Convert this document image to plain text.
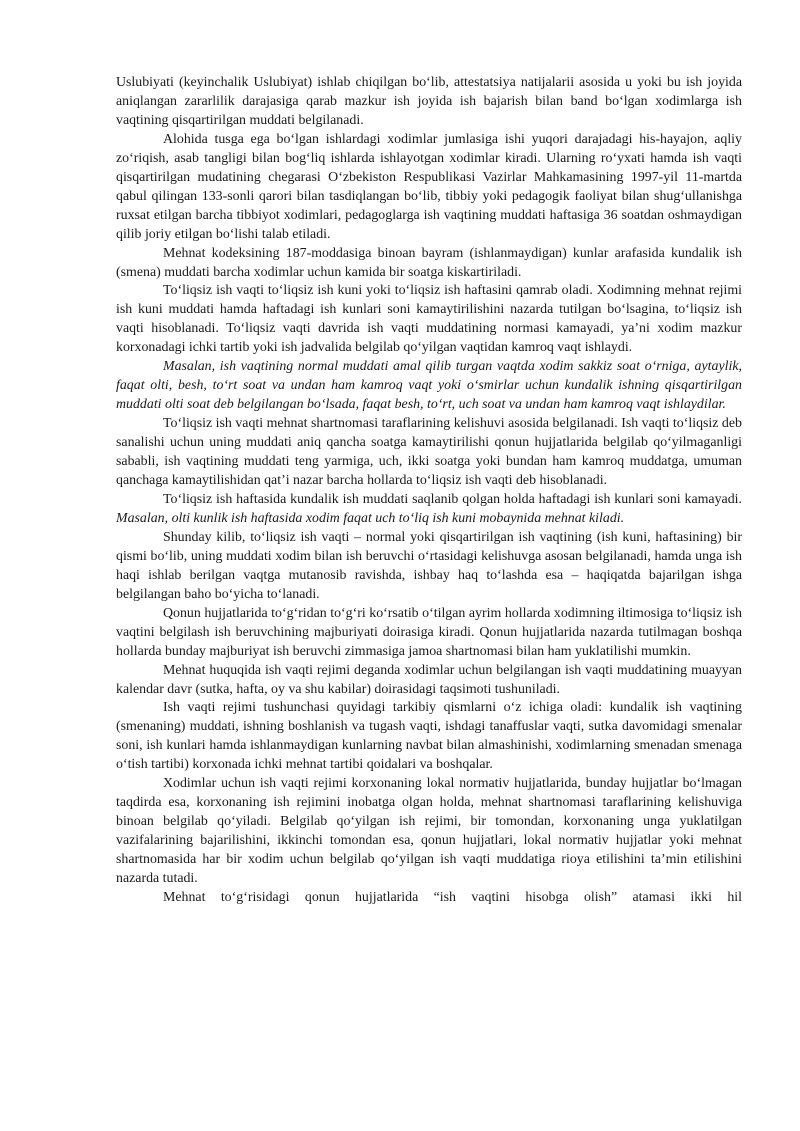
Uslubiyati (keyinchalik Uslubiyat) ishlab chiqilgan bo‘lib, attestatsiya natijalarii asosida u yoki bu ish joyida aniqlangan zararlilik darajasiga qarab mazkur ish joyida ish bajarish bilan band bo‘lgan xodimlarga ish vaqtining qisqartirilgan muddati belgilanadi.

Alohida tusga ega bo‘lgan ishlardagi xodimlar jumlasiga ishi yuqori darajadagi his-hayajon, aqliy zo‘riqish, asab tangligi bilan bog‘liq ishlarda ishlayotgan xodimlar kiradi. Ularning ro‘yxati hamda ish vaqti qisqartirilgan mudatining chegarasi O‘zbekiston Respublikasi Vazirlar Mahkamasining 1997-yil 11-martda qabul qilingan 133-sonli qarori bilan tasdiqlangan bo‘lib, tibbiy yoki pedagogik faoliyat bilan shug‘ullanishga ruxsat etilgan barcha tibbiyot xodimlari, pedagoglarga ish vaqtining muddati haftasiga 36 soatdan oshmaydigan qilib joriy etilgan bo‘lishi talab etiladi.

Mehnat kodeksining 187-moddasiga binoan bayram (ishlanmaydigan) kunlar arafasida kundalik ish (smena) muddati barcha xodimlar uchun kamida bir soatga kiskartiriladi.

To‘liqsiz ish vaqti to‘liqsiz ish kuni yoki to‘liqsiz ish haftasini qamrab oladi. Xodimning mehnat rejimi ish kuni muddati hamda haftadagi ish kunlari soni kamaytirilishini nazarda tutilgan bo‘lsagina, to‘liqsiz ish vaqti hisoblanadi. To‘liqsiz vaqti davrida ish vaqti muddatining normasi kamayadi, ya’ni xodim mazkur korxonadagi ichki tartib yoki ish jadvalida belgilab qo‘yilgan vaqtidan kamroq vaqt ishlaydi.

Masalan, ish vaqtining normal muddati amal qilib turgan vaqtda xodim sakkiz soat o‘rniga, aytaylik, faqat olti, besh, to‘rt soat va undan ham kamroq vaqt yoki o‘smirlar uchun kundalik ishning qisqartirilgan muddati olti soat deb belgilangan bo‘lsada, faqat besh, to‘rt, uch soat va undan ham kamroq vaqt ishlaydilar.

To‘liqsiz ish vaqti mehnat shartnomasi taraflarining kelishuvi asosida belgilanadi. Ish vaqti to‘liqsiz deb sanalishi uchun uning muddati aniq qancha soatga kamaytirilishi qonun hujjatlarida belgilab qo‘yilmaganligi sababli, ish vaqtining muddati teng yarmiga, uch, ikki soatga yoki bundan ham kamroq muddatga, umuman qanchaga kamaytilishidan qat’i nazar barcha hollarda to‘liqsiz ish vaqti deb hisoblanadi.

To‘liqsiz ish haftasida kundalik ish muddati saqlanib qolgan holda haftadagi ish kunlari soni kamayadi. Masalan, olti kunlik ish haftasida xodim faqat uch to‘liq ish kuni mobaynida mehnat kiladi.

Shunday kilib, to‘liqsiz ish vaqti – normal yoki qisqartirilgan ish vaqtining (ish kuni, haftasining) bir qismi bo‘lib, uning muddati xodim bilan ish beruvchi o‘rtasidagi kelishuvga asosan belgilanadi, hamda unga ish haqi ishlab berilgan vaqtga mutanosib ravishda, ishbay haq to‘lashda esa – haqiqatda bajarilgan ishga belgilangan baho bo‘yicha to‘lanadi.

Qonun hujjatlarida to‘g‘ridan to‘g‘ri ko‘rsatib o‘tilgan ayrim hollarda xodimning iltimosiga to‘liqsiz ish vaqtini belgilash ish beruvchining majburiyati doirasiga kiradi. Qonun hujjatlarida nazarda tutilmagan boshqa hollarda bunday majburiyat ish beruvchi zimmasiga jamoa shartnomasi bilan ham yuklatilishi mumkin.

Mehnat huquqida ish vaqti rejimi deganda xodimlar uchun belgilangan ish vaqti muddatining muayyan kalendar davr (sutka, hafta, oy va shu kabilar) doirasidagi taqsimoti tushuniladi.

Ish vaqti rejimi tushunchasi quyidagi tarkibiy qismlarni o‘z ichiga oladi: kundalik ish vaqtining (smenaning) muddati, ishning boshlanish va tugash vaqti, ishdagi tanaffuslar vaqti, sutka davomidagi smenalar soni, ish kunlari hamda ishlanmaydigan kunlarning navbat bilan almashinishi, xodimlarning smenadan smenaga o‘tish tartibi) korxonada ichki mehnat tartibi qoidalari va boshqalar.

Xodimlar uchun ish vaqti rejimi korxonaning lokal normativ hujjatlarida, bunday hujjatlar bo‘lmagan taqdirda esa, korxonaning ish rejimini inobatga olgan holda, mehnat shartnomasi taraflarining kelishuviga binoan belgilab qo‘yiladi. Belgilab qo‘yilgan ish rejimi, bir tomondan, korxonaning unga yuklatilgan vazifalarining bajarilishini, ikkinchi tomondan esa, qonun hujjatlari, lokal normativ hujjatlar yoki mehnat shartnomasida har bir xodim uchun belgilab qo‘yilgan ish vaqti muddatiga rioya etilishini ta’min etilishini nazarda tutadi.

Mehnat to‘g‘risidagi qonun hujjatlarida “ish vaqtini hisobga olish” atamasi ikki hil
